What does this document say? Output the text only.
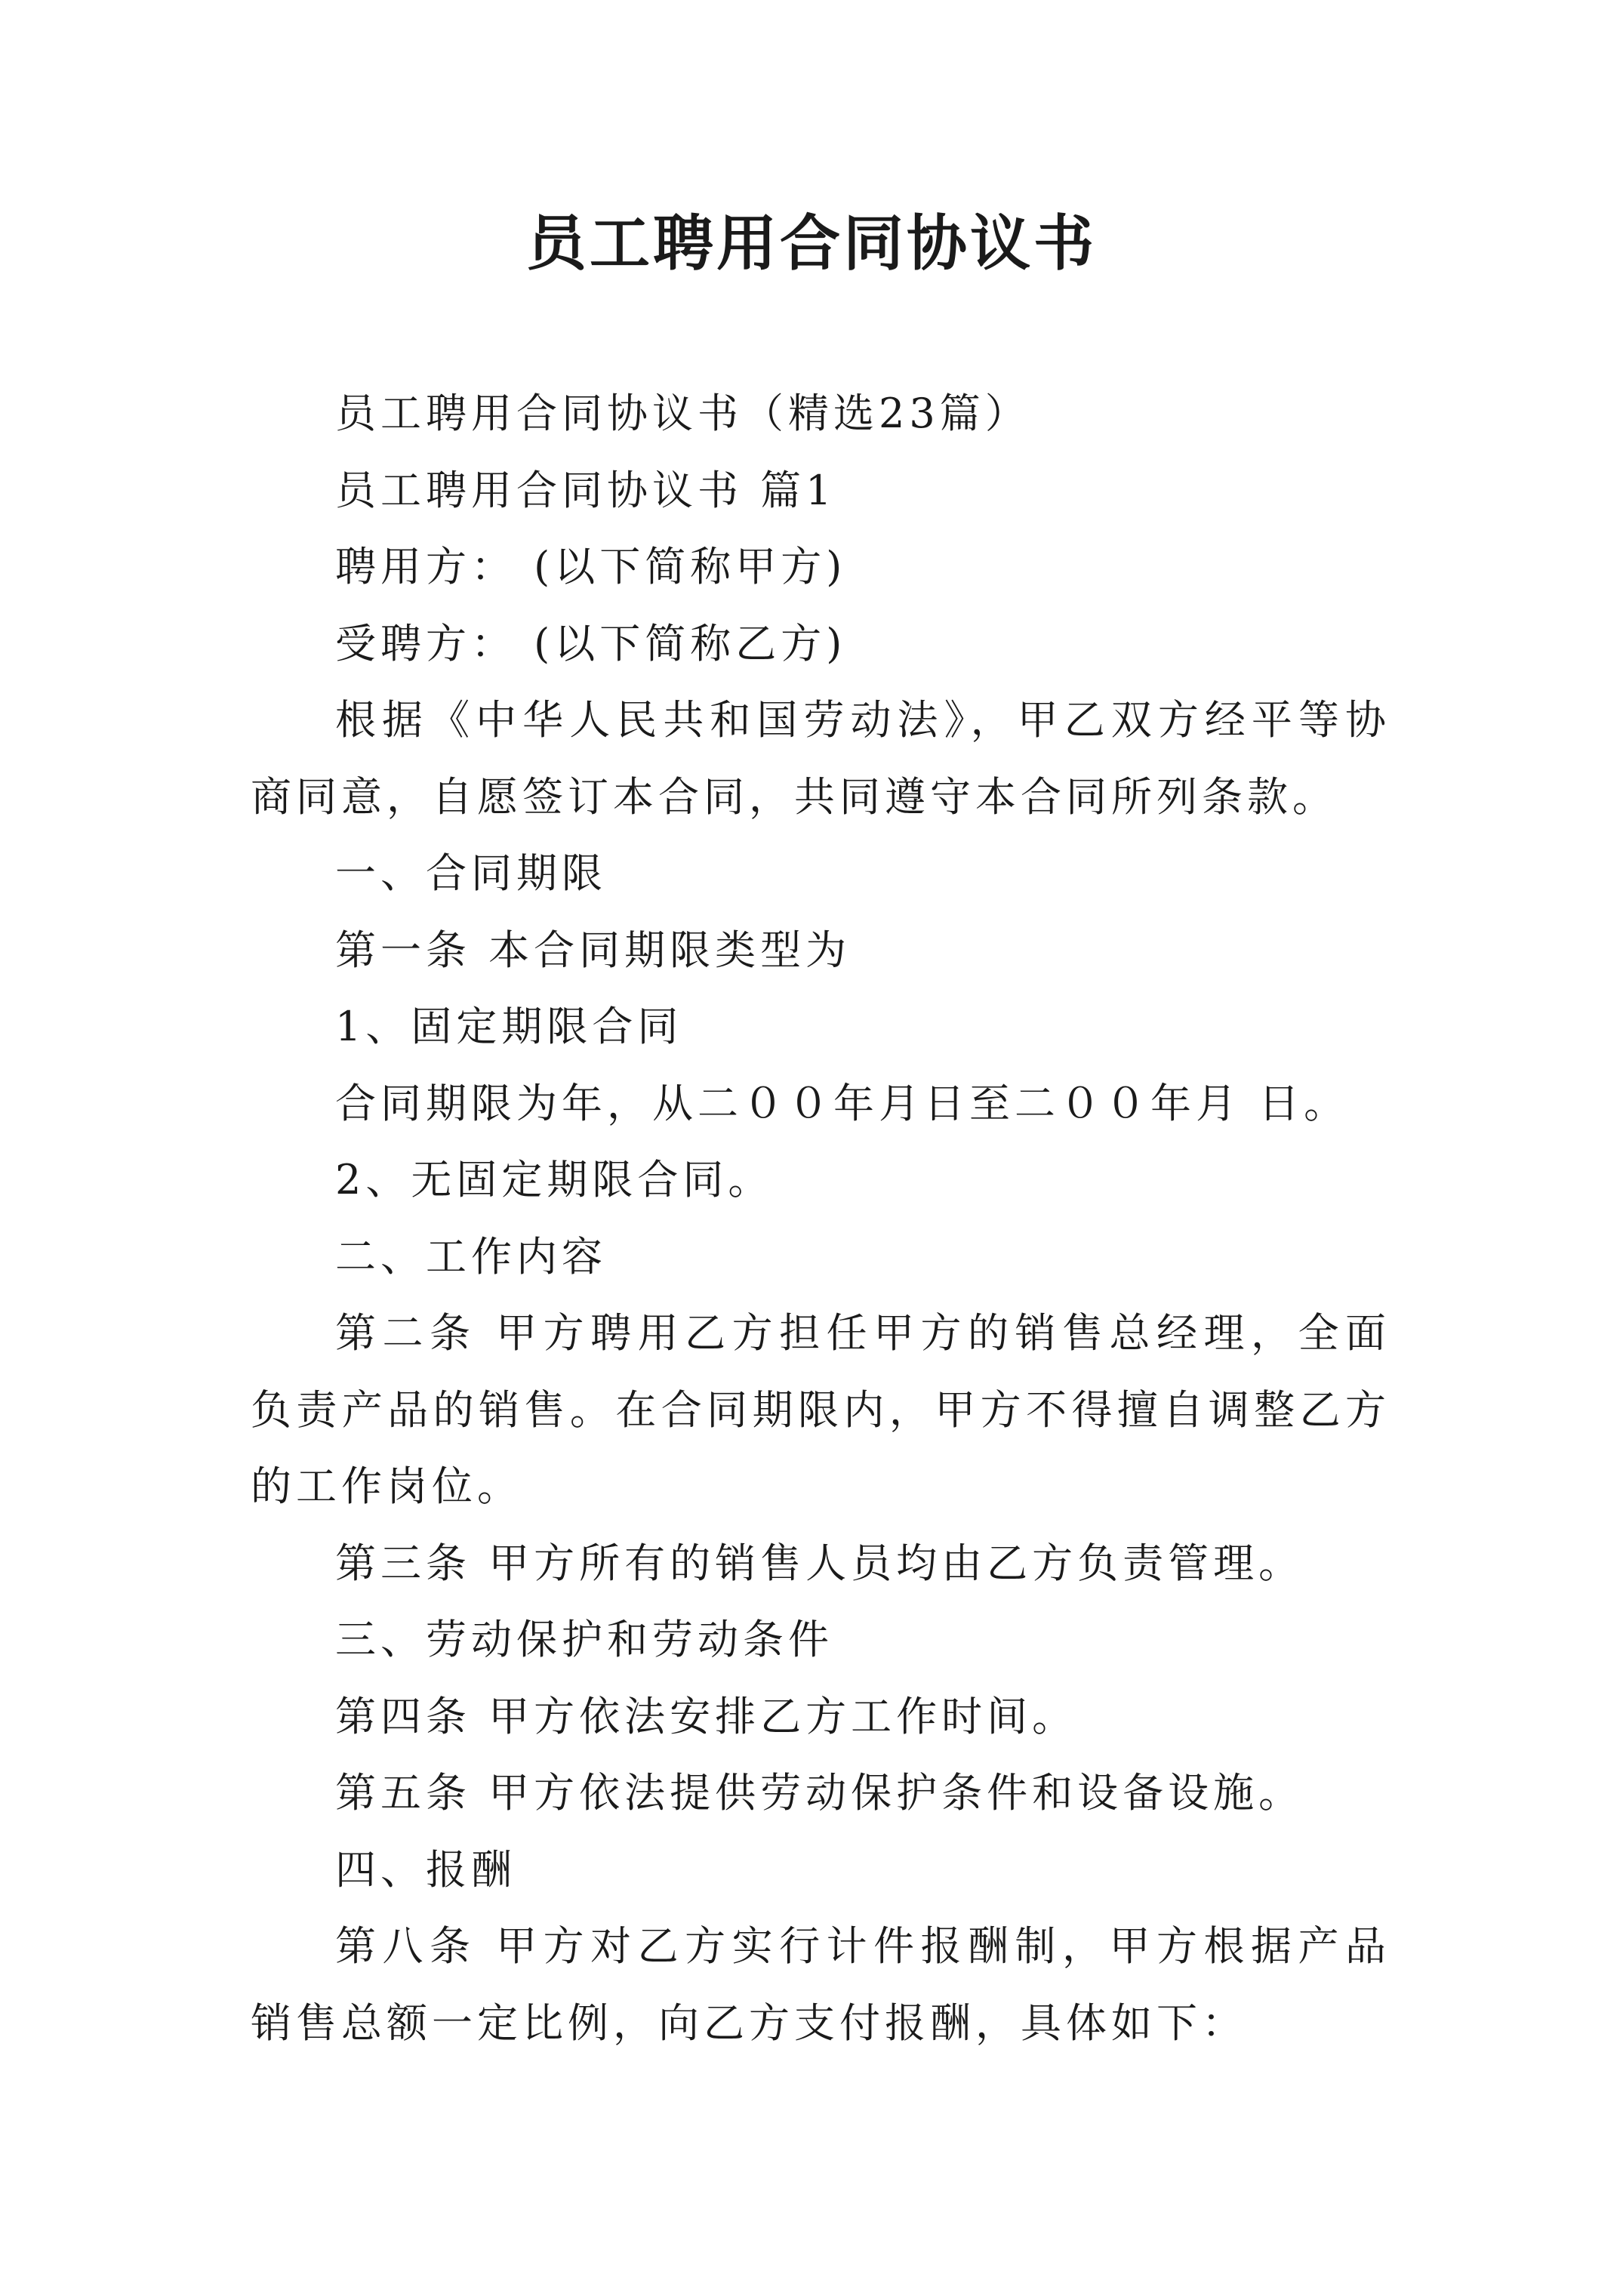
员工聘用合同协议书

员工聘用合同协议书（精选23篇）

员工聘用合同协议书 篇1

聘用方： (以下简称甲方)

受聘方： (以下简称乙方)

根据《中华人民共和国劳动法》，甲乙双方经平等协商同意，自愿签订本合同，共同遵守本合同所列条款。

一、合同期限

第一条 本合同期限类型为

1、固定期限合同

合同期限为年，从二００年月日至二００年月 日。

2、无固定期限合同。

二、工作内容

第二条 甲方聘用乙方担任甲方的销售总经理，全面负责产品的销售。在合同期限内，甲方不得擅自调整乙方的工作岗位。

第三条 甲方所有的销售人员均由乙方负责管理。

三、劳动保护和劳动条件

第四条 甲方依法安排乙方工作时间。

第五条 甲方依法提供劳动保护条件和设备设施。

四、报酬

第八条 甲方对乙方实行计件报酬制，甲方根据产品销售总额一定比例，向乙方支付报酬，具体如下：
